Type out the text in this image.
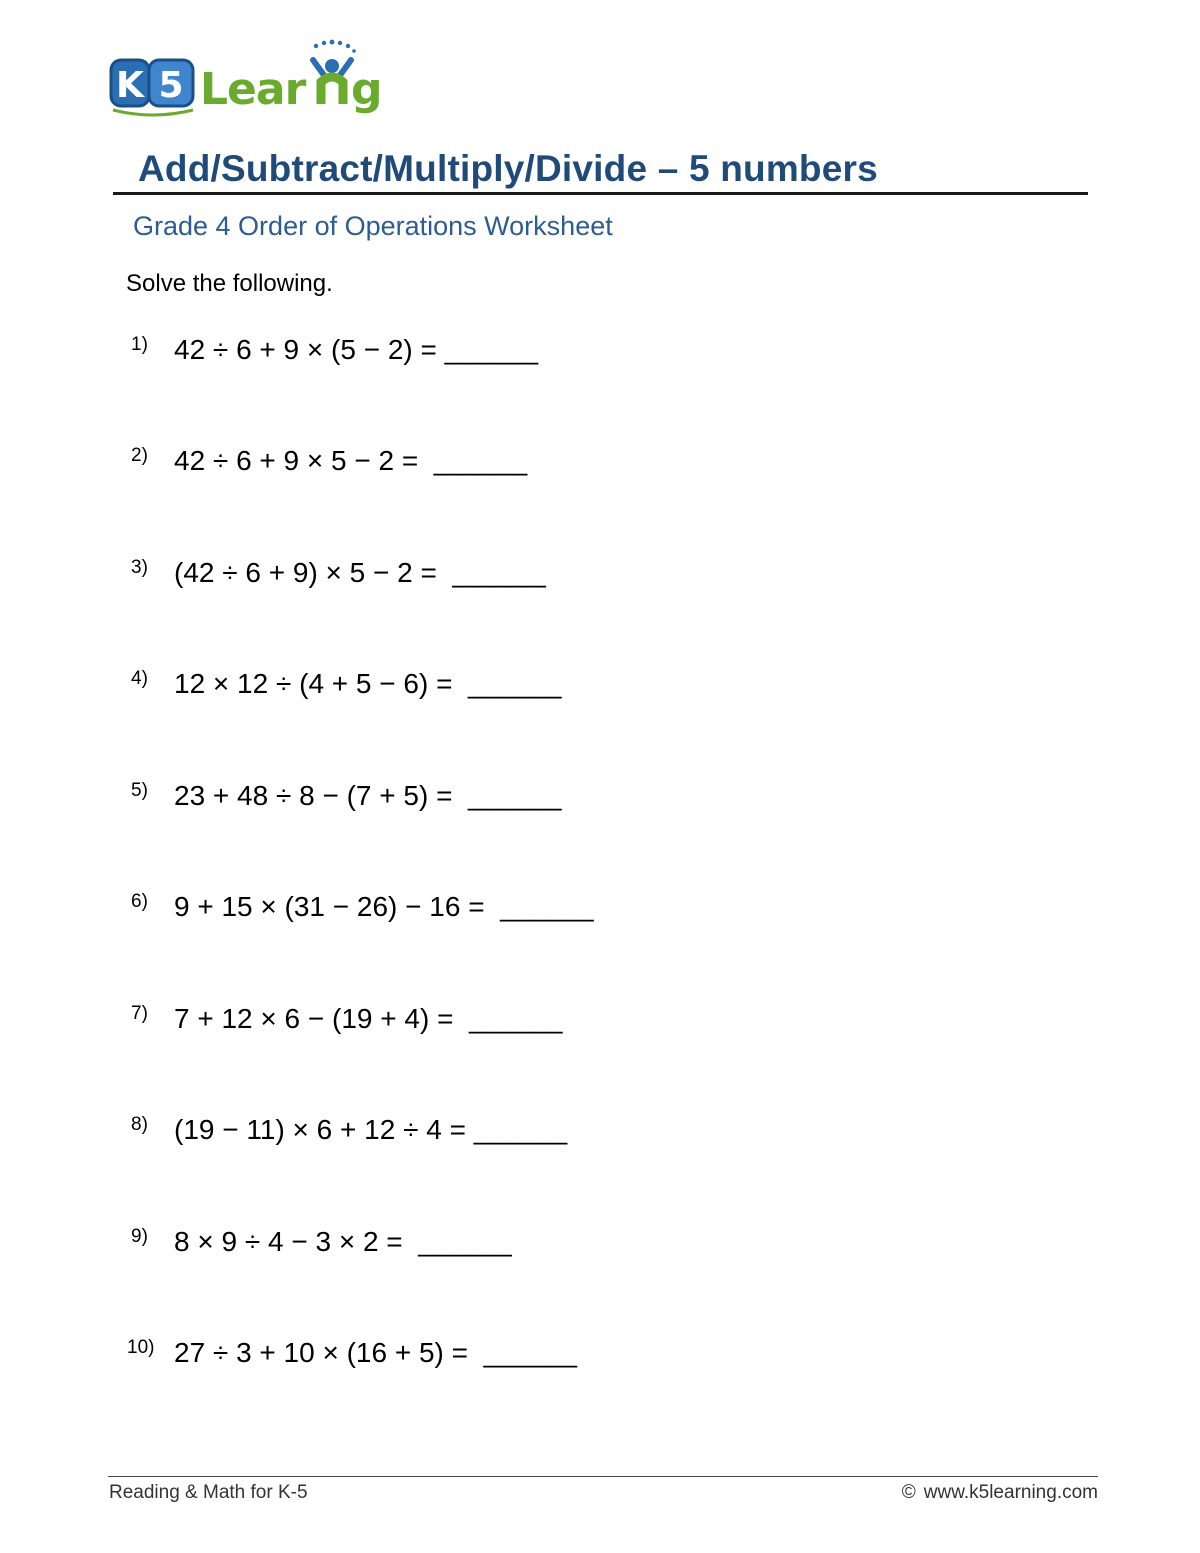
K 5 Lear g
Add/Subtract/Multiply/Divide – 5 numbers
Grade 4 Order of Operations Worksheet
Solve the following.
1) 42 ÷ 6 + 9 × (5 − 2) = ______
2) 42 ÷ 6 + 9 × 5 − 2 =  ______
3) (42 ÷ 6 + 9) × 5 − 2 =  ______
4) 12 × 12 ÷ (4 + 5 − 6) =  ______
5) 23 + 48 ÷ 8 − (7 + 5) =  ______
6) 9 + 15 × (31 − 26) − 16 =  ______
7) 7 + 12 × 6 − (19 + 4) =  ______
8) (19 − 11) × 6 + 12 ÷ 4 = ______
9) 8 × 9 ÷ 4 − 3 × 2 =  ______
10) 27 ÷ 3 + 10 × (16 + 5) =  ______
Reading & Math for K-5	© www.k5learning.com
